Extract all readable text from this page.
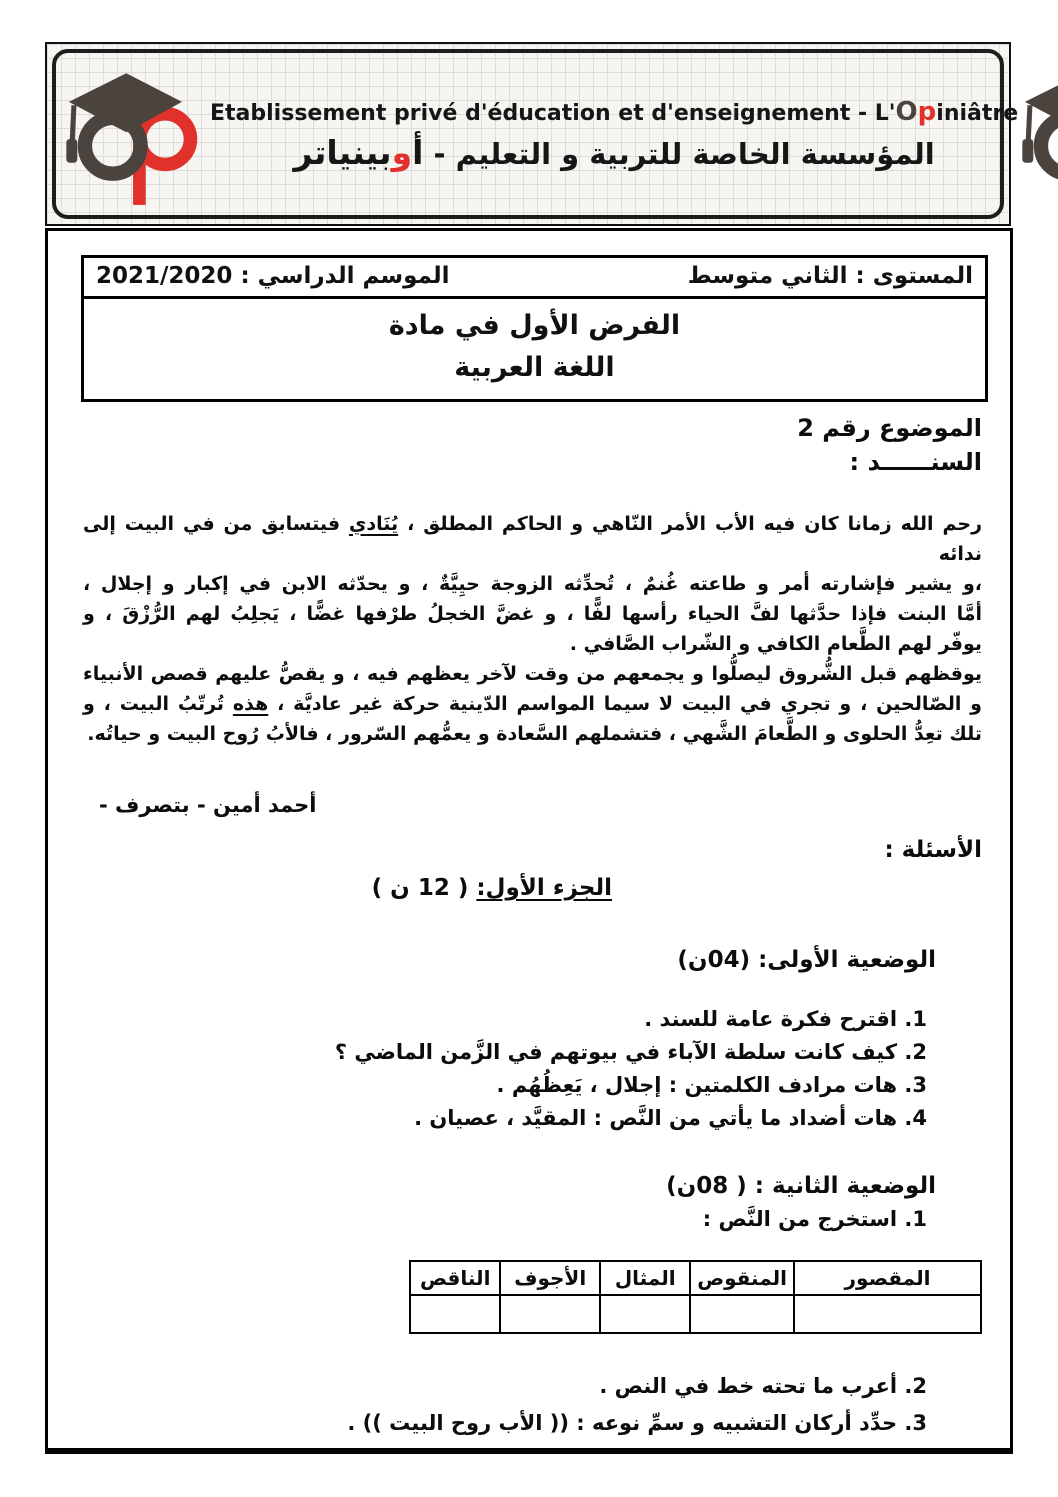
Etablissement privé d'éducation et d'enseignement - L'Opiniâtre
المؤسسة الخاصة للتربية و التعليم - أوبينياتر
المستوى : الثاني متوسط
الموسم الدراسي : 2021/2020
الفرض الأول في مادة
اللغة العربية
الموضوع رقم 2
السنــــــد :
رحم الله زمانا كان فيه الأب الأمر النّاهي و الحاكم المطلق ، يُنَادي فيتسابق من في البيت إلى ندائه
،و يشير فإشارته أمر و طاعته غُنمٌ ، تُحدِّثه الزوجة حيِيَّةٌ ، و يحدّثه الابن في إكبار و إجلال ،
أمَّا البنت فإذا حدَّثها لفَّ الحياء رأسها لفًّا ، و غضَّ الخجلُ طرْفها غضًّا ، يَجلِبُ لهم الرُّزْقَ ، و
يوفّر لهم الطَّعام الكافي و الشّراب الصَّافي .
يوقظهم قبل الشُّروق ليصلُّوا و يجمعهم من وقت لآخر يعظهم فيه ، و يقصُّ عليهم قصص الأنبياء
و الصّالحين ، و تجري في البيت لا سيما المواسم الدّينية حركة غير عاديَّة ، هذه تُرتّبُ البيت ، و
تلك تعِدُّ الحلوى و الطَّعامَ الشَّهي ، فتشملهم السَّعادة و يعمُّهم السّرور ، فالأبُ رُوح البيت و حياتُه.
أحمد أمين - بتصرف -
الأسئلة :
الجزء الأول: ( 12 ن )
الوضعية الأولى: (04ن)
1. اقترح فكرة عامة للسند .
2. كيف كانت سلطة الآباء في بيوتهم في الزَّمن الماضي ؟
3. هات مرادف الكلمتين : إجلال ، يَعِظُهُم .
4. هات أضداد ما يأتي من النَّص : المقيَّد ، عصيان .
الوضعية الثانية : ( 08ن)
1. استخرج من النَّص :
المقصور	المنقوص	المثال	الأجوف	الناقص

2. أعرب ما تحته خط في النص .
3. حدِّد أركان التشبيه و سمِّ نوعه : (( الأب روح البيت )) .
